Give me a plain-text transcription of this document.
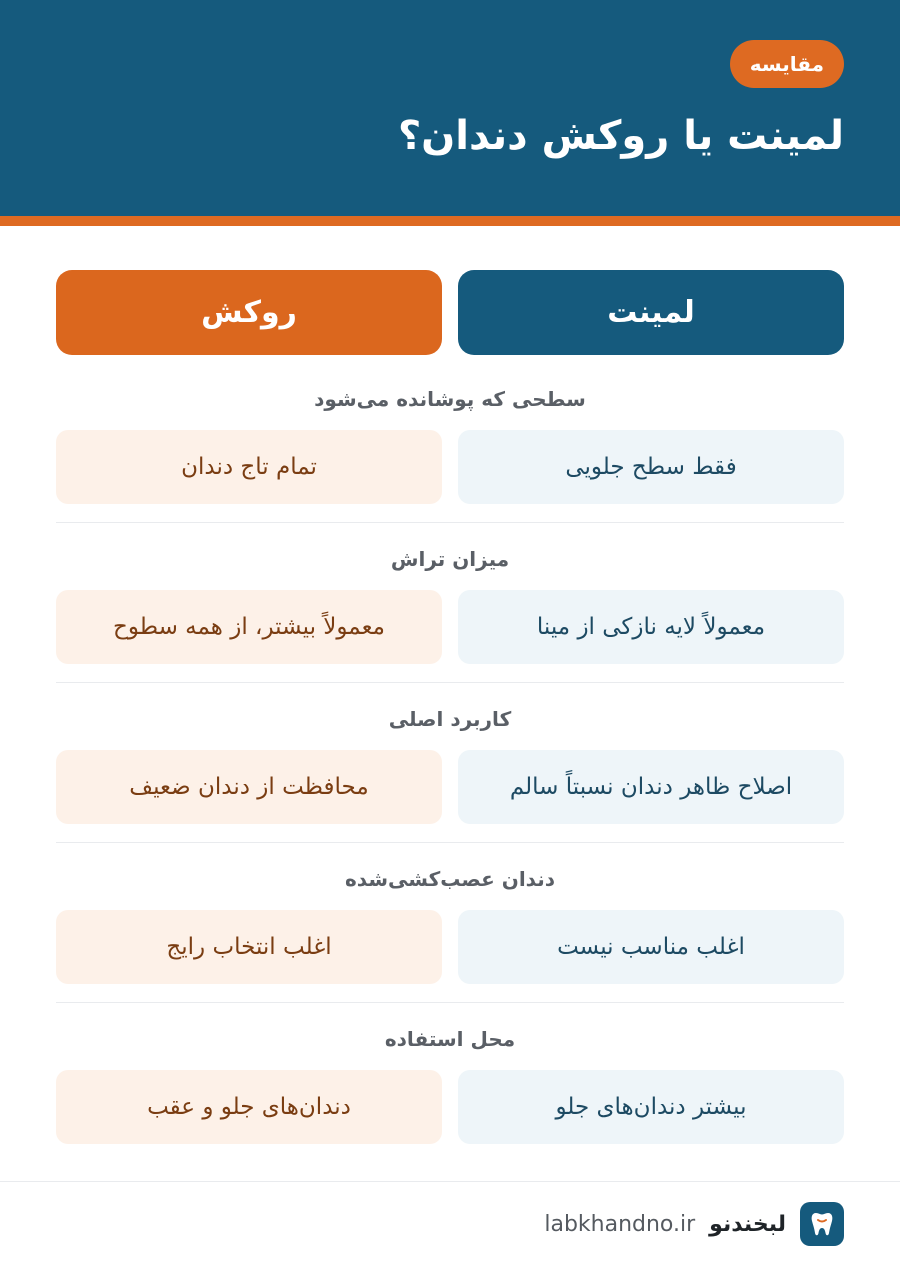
مقایسه
لمینت یا روکش دندان؟
لمینت
روکش
سطحی که پوشانده می‌شود
فقط سطح جلویی
تمام تاج دندان
میزان تراش
معمولاً لایه نازکی از مینا
معمولاً بیشتر، از همه سطوح
کاربرد اصلی
اصلاح ظاهر دندان نسبتاً سالم
محافظت از دندان ضعیف
دندان عصب‌کشی‌شده
اغلب مناسب نیست
اغلب انتخاب رایج
محل استفاده
بیشتر دندان‌های جلو
دندان‌های جلو و عقب
لبخندنو
labkhandno.ir
